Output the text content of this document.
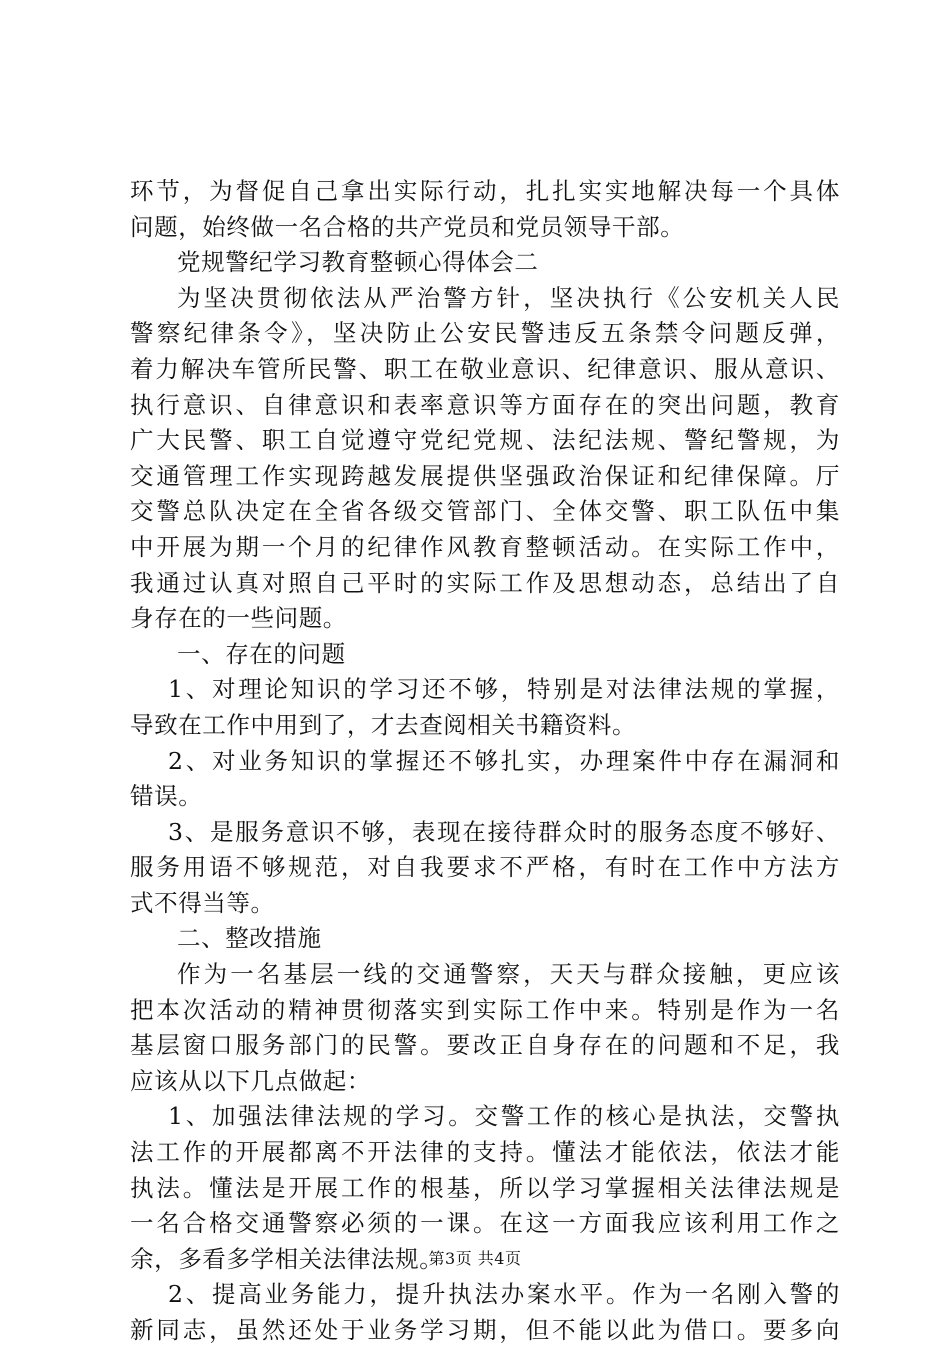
环节，为督促自己拿出实际行动，扎扎实实地解决每一个具体
问题，始终做一名合格的共产党员和党员领导干部。
党规警纪学习教育整顿心得体会二
为坚决贯彻依法从严治警方针，坚决执行《公安机关人民
警察纪律条令》，坚决防止公安民警违反五条禁令问题反弹，
着力解决车管所民警、职工在敬业意识、纪律意识、服从意识、
执行意识、自律意识和表率意识等方面存在的突出问题，教育
广大民警、职工自觉遵守党纪党规、法纪法规、警纪警规，为
交通管理工作实现跨越发展提供坚强政治保证和纪律保障。厅
交警总队决定在全省各级交管部门、全体交警、职工队伍中集
中开展为期一个月的纪律作风教育整顿活动。在实际工作中，
我通过认真对照自己平时的实际工作及思想动态，总结出了自
身存在的一些问题。
一、存在的问题
1、对理论知识的学习还不够，特别是对法律法规的掌握，
导致在工作中用到了，才去查阅相关书籍资料。
2、对业务知识的掌握还不够扎实，办理案件中存在漏洞和
错误。
3、是服务意识不够，表现在接待群众时的服务态度不够好、
服务用语不够规范，对自我要求不严格，有时在工作中方法方
式不得当等。
二、整改措施
作为一名基层一线的交通警察，天天与群众接触，更应该
把本次活动的精神贯彻落实到实际工作中来。特别是作为一名
基层窗口服务部门的民警。要改正自身存在的问题和不足，我
应该从以下几点做起：
1、加强法律法规的学习。交警工作的核心是执法，交警执
法工作的开展都离不开法律的支持。懂法才能依法，依法才能
执法。懂法是开展工作的根基，所以学习掌握相关法律法规是
一名合格交通警察必须的一课。在这一方面我应该利用工作之
余，多看多学相关法律法规。
2、提高业务能力，提升执法办案水平。作为一名刚入警的
新同志，虽然还处于业务学习期，但不能以此为借口。要多向
第3页 共4页
